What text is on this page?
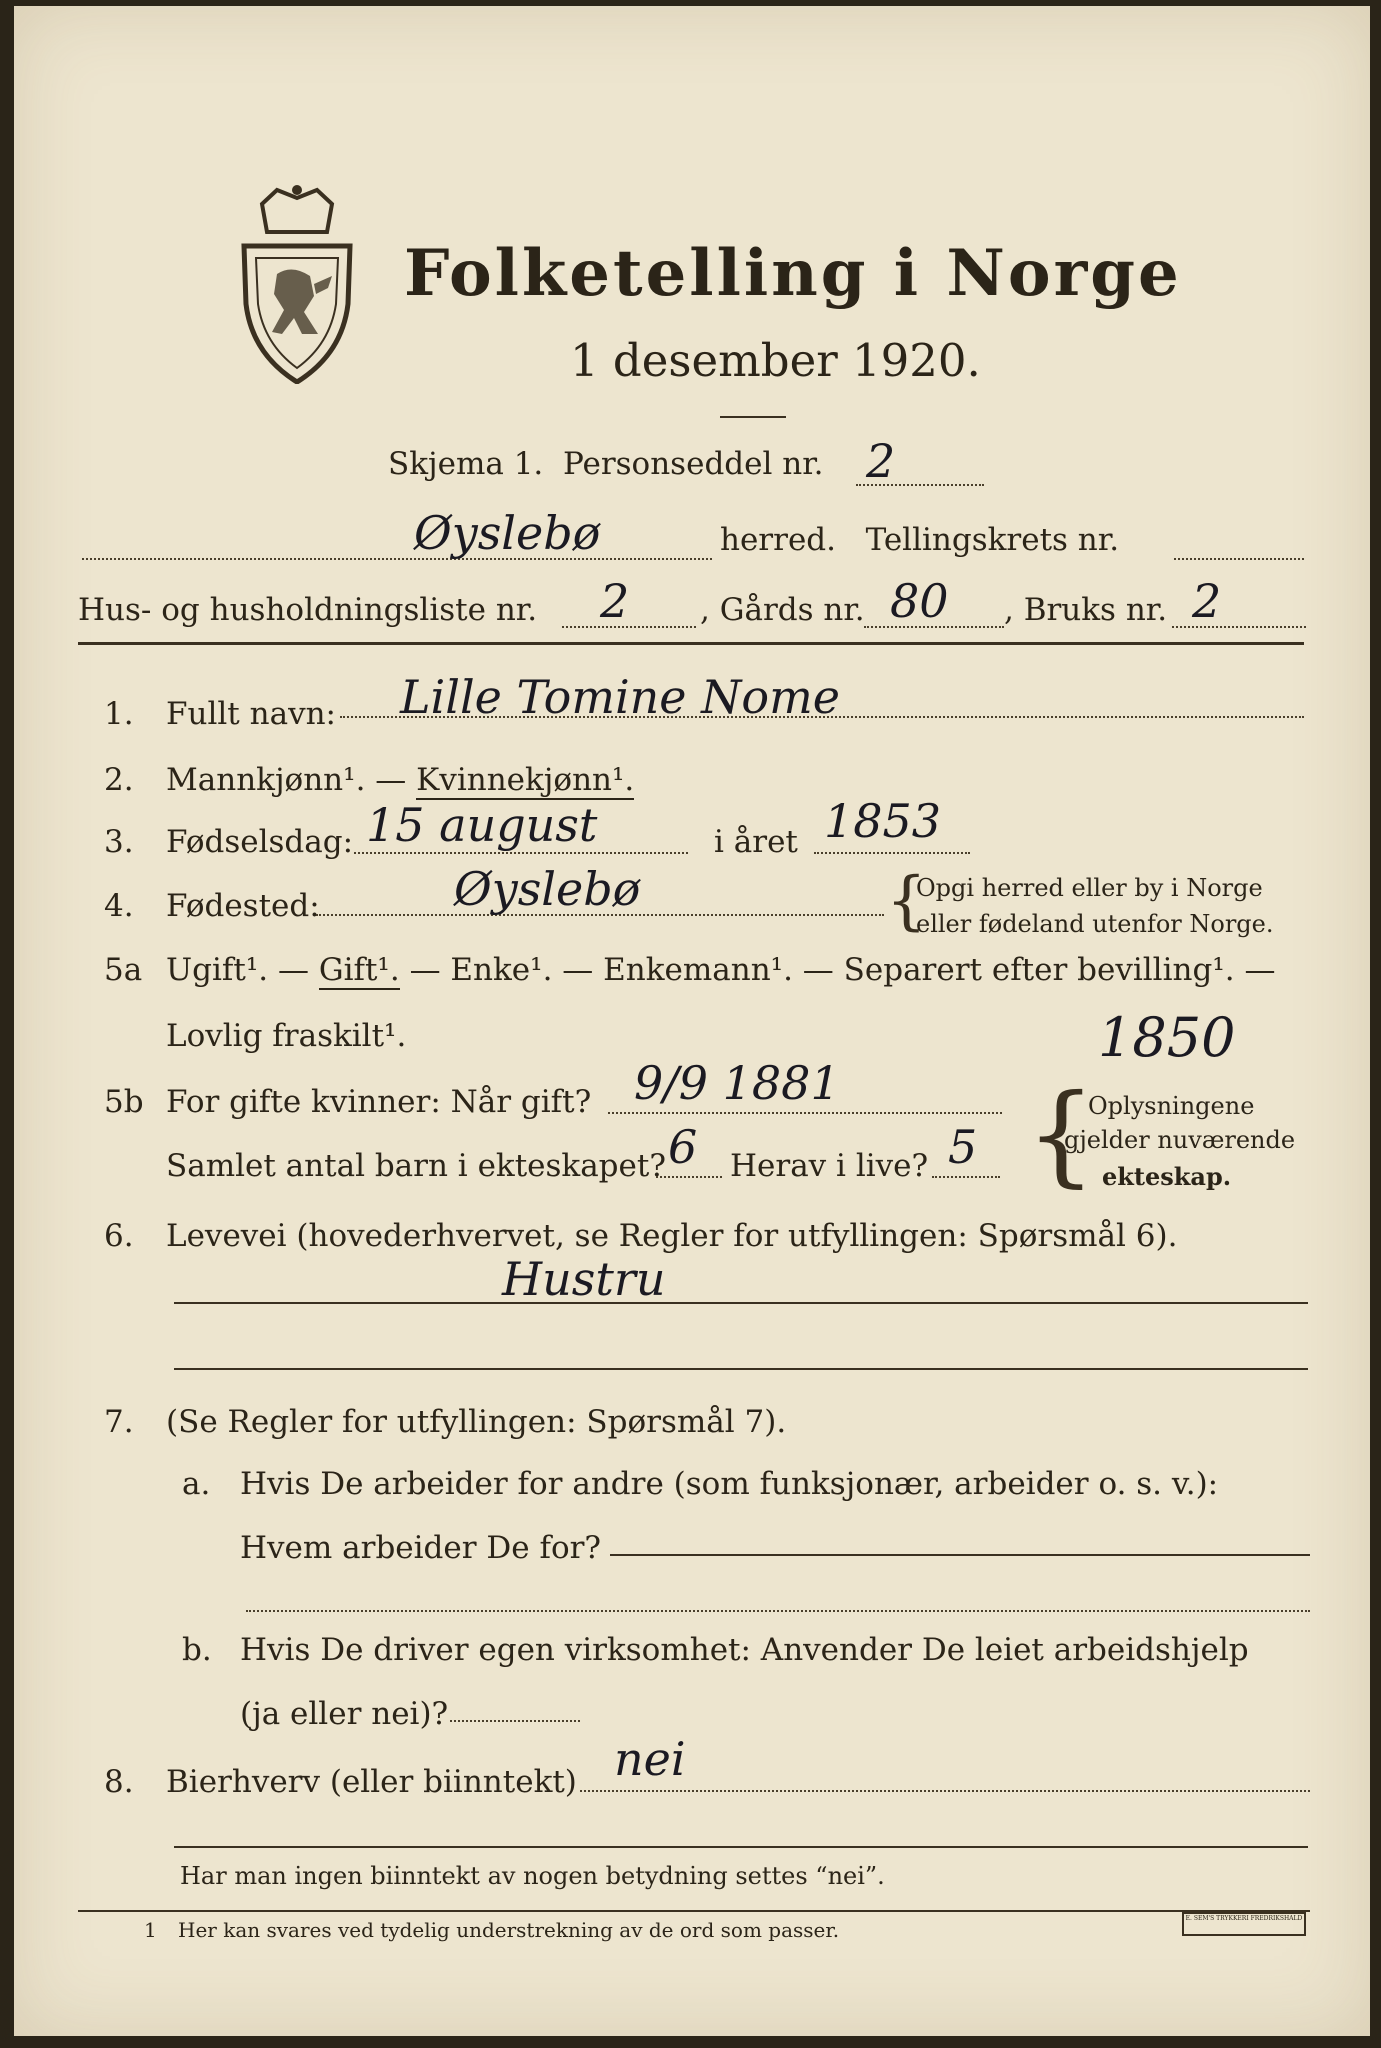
Folketelling i Norge
1 desember 1920.
Skjema 1. Personseddel nr. 2
Øyslebø	herred. Tellingskrets nr.
Hus- og husholdningsliste nr. 2 , Gårds nr. 80 , Bruks nr. 2
1. Fullt navn: Lille Tomine Nome
2. Mannkjønn¹. — Kvinnekjønn¹.
3. Fødselsdag: 15 august	i året 1853
4. Fødested:	Øyslebø	{
Opgi herred eller by i Norge
eller fødeland utenfor Norge.
5a Ugift¹. — Gift¹. — Enke¹. — Enkemann¹. — Separert efter bevilling¹. —
Lovlig fraskilt¹.
5b For gifte kvinner: Når gift? 9/9 1881
1850
Samlet antal barn i ekteskapet? 6 Herav i live? 5 {
Oplysningene
gjelder nuværende
ekteskap.
6. Levevei (hovederhvervet, se Regler for utfyllingen: Spørsmål 6).
Hustru
7. (Se Regler for utfyllingen: Spørsmål 7).
a. Hvis De arbeider for andre (som funksjonær, arbeider o. s. v.):
Hvem arbeider De for?
b. Hvis De driver egen virksomhet: Anvender De leiet arbeidshjelp
(ja eller nei)?
8. Bierhverv (eller biinntekt) nei
Har man ingen biinntekt av nogen betydning settes “nei”.
1 Her kan svares ved tydelig understrekning av de ord som passer.	E. SEM'S TRYKKERI FREDRIKSHALD
